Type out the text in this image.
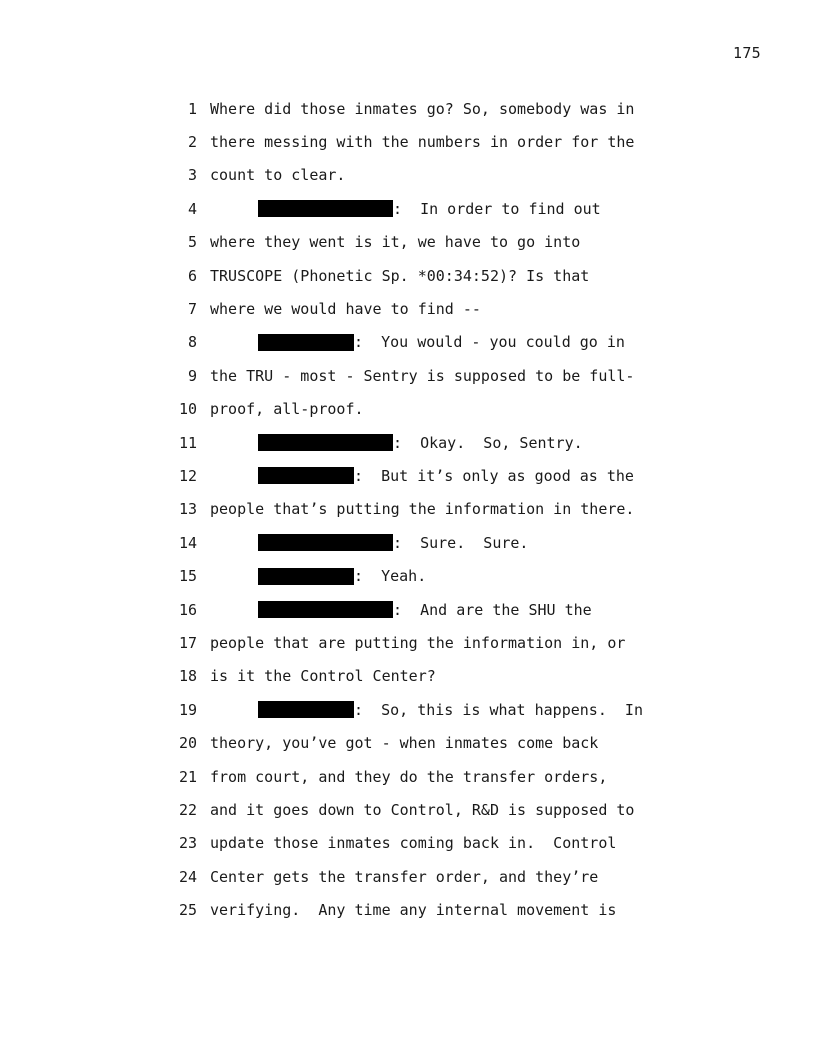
175
1 Where did those inmates go? So, somebody was in
2 there messing with the numbers in order for the
3 count to clear.
4	:  In order to find out
5 where they went is it, we have to go into
6 TRUSCOPE (Phonetic Sp. *00:34:52)? Is that
7 where we would have to find --
8	:  You would - you could go in
9 the TRU - most - Sentry is supposed to be full-
10 proof, all-proof.
11	:  Okay.  So, Sentry.
12	:  But it’s only as good as the
13 people that’s putting the information in there.
14	:  Sure.  Sure.
15	:  Yeah.
16	:  And are the SHU the
17 people that are putting the information in, or
18 is it the Control Center?
19	:  So, this is what happens.  In
20 theory, you’ve got - when inmates come back
21 from court, and they do the transfer orders,
22 and it goes down to Control, R&D is supposed to
23 update those inmates coming back in.  Control
24 Center gets the transfer order, and they’re
25 verifying.  Any time any internal movement is
